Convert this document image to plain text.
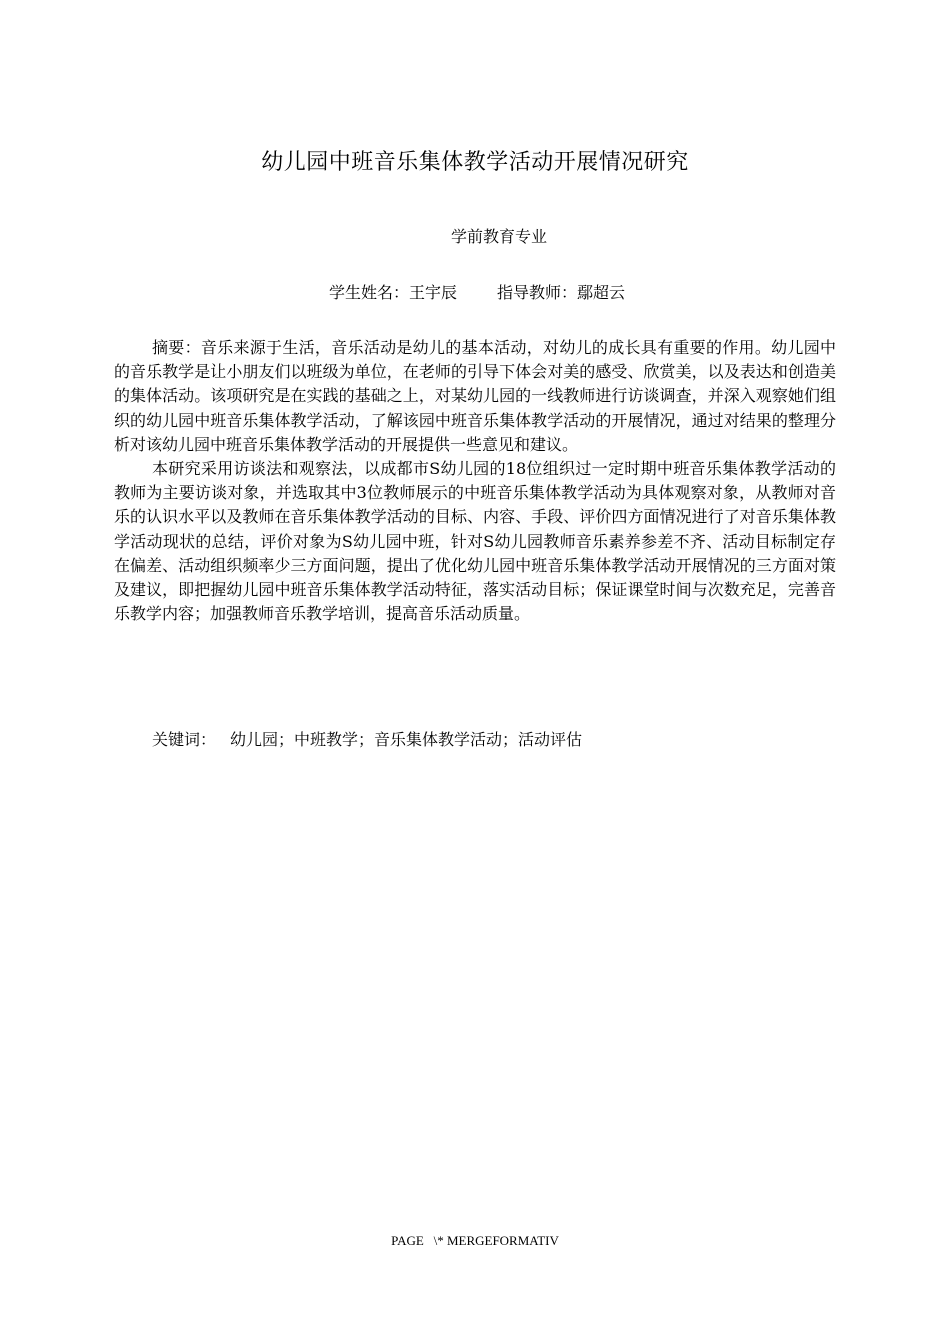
幼儿园中班音乐集体教学活动开展情况研究
学前教育专业
学生姓名：王宇辰	指导教师：鄢超云

摘要：音乐来源于生活，音乐活动是幼儿的基本活动，对幼儿的成长具有重要的作用。幼儿园中的音乐教学是让小朋友们以班级为单位，在老师的引导下体会对美的感受、欣赏美，以及表达和创造美的集体活动。该项研究是在实践的基础之上，对某幼儿园的一线教师进行访谈调查，并深入观察她们组织的幼儿园中班音乐集体教学活动，了解该园中班音乐集体教学活动的开展情况，通过对结果的整理分析对该幼儿园中班音乐集体教学活动的开展提供一些意见和建议。

本研究采用访谈法和观察法，以成都市S幼儿园的18位组织过一定时期中班音乐集体教学活动的教师为主要访谈对象，并选取其中3位教师展示的中班音乐集体教学活动为具体观察对象，从教师对音乐的认识水平以及教师在音乐集体教学活动的目标、内容、手段、评价四方面情况进行了对音乐集体教学活动现状的总结，评价对象为S幼儿园中班，针对S幼儿园教师音乐素养参差不齐、活动目标制定存在偏差、活动组织频率少三方面问题，提出了优化幼儿园中班音乐集体教学活动开展情况的三方面对策及建议，即把握幼儿园中班音乐集体教学活动特征，落实活动目标；保证课堂时间与次数充足，完善音乐教学内容；加强教师音乐教学培训，提高音乐活动质量。

关键词： 幼儿园；中班教学；音乐集体教学活动；活动评估
PAGE   \* MERGEFORMATIV
